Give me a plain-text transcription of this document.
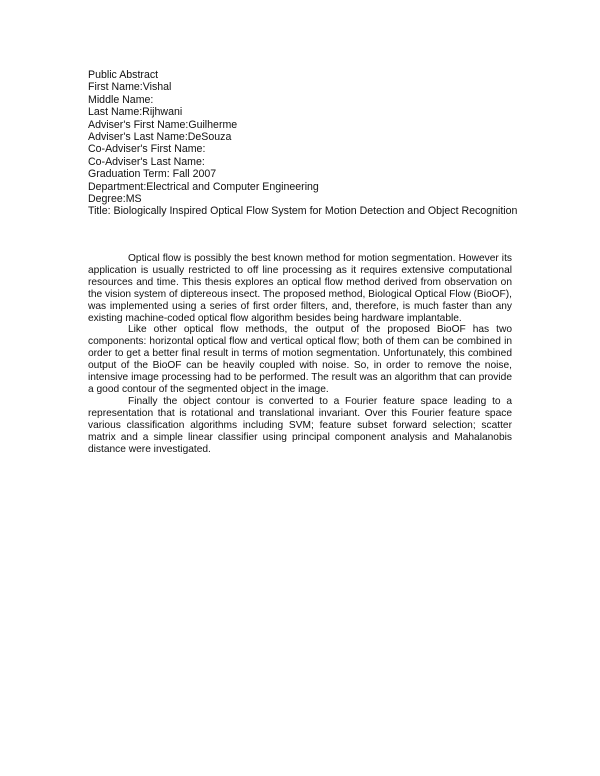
Public Abstract
First Name:Vishal
Middle Name:
Last Name:Rijhwani
Adviser's First Name:Guilherme
Adviser's Last Name:DeSouza
Co-Adviser's First Name:
Co-Adviser's Last Name:
Graduation Term: Fall 2007
Department:Electrical and Computer Engineering
Degree:MS
Title: Biologically Inspired Optical Flow System for Motion Detection and Object Recognition

Optical flow is possibly the best known method for motion segmentation. However its application is usually restricted to off line processing as it requires extensive computational resources and time. This thesis explores an optical flow method derived from observation on the vision system of diptereous insect. The proposed method, Biological Optical Flow (BioOF), was implemented using a series of first order filters, and, therefore, is much faster than any existing machine-coded optical flow algorithm besides being hardware implantable.

Like other optical flow methods, the output of the proposed BioOF has two components: horizontal optical flow and vertical optical flow; both of them can be combined in order to get a better final result in terms of motion segmentation. Unfortunately, this combined output of the BioOF can be heavily coupled with noise. So, in order to remove the noise, intensive image processing had to be performed. The result was an algorithm that can provide a good contour of the segmented object in the image.

Finally the object contour is converted to a Fourier feature space leading to a representation that is rotational and translational invariant. Over this Fourier feature space various classification algorithms including SVM; feature subset forward selection; scatter matrix and a simple linear classifier using principal component analysis and Mahalanobis distance were investigated.
